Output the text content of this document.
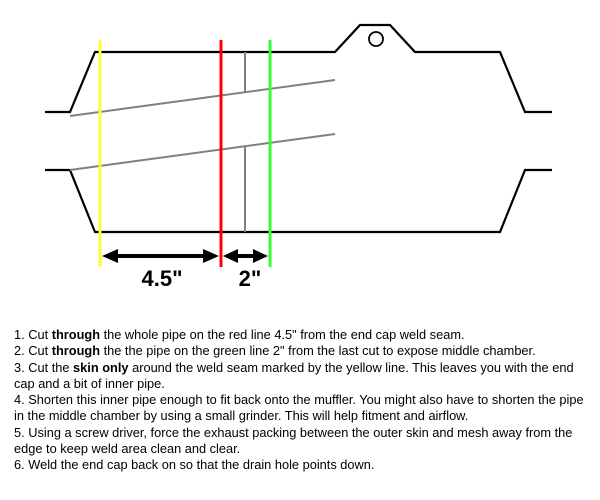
4.5"	2"

1. Cut through the whole pipe on the red line 4.5" from the end cap weld seam.

2. Cut through the the pipe on the green line 2" from the last cut to expose middle chamber.

3. Cut the skin only around the weld seam marked by the yellow line. This leaves you with the end cap and a bit of inner pipe.

4. Shorten this inner pipe enough to fit back onto the muffler. You might also have to shorten the pipe in the middle chamber by using a small grinder. This will help fitment and airflow.

5. Using a screw driver, force the exhaust packing between the outer skin and mesh away from the edge to keep weld area clean and clear.

6. Weld the end cap back on so that the drain hole points down.
